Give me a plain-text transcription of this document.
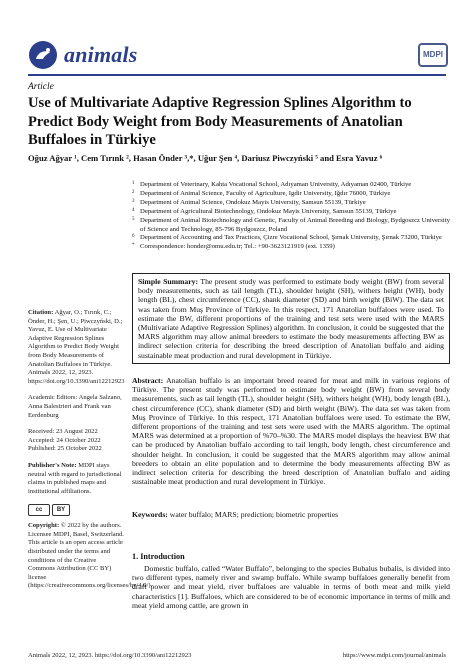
animals	MDPI
Article
Use of Multivariate Adaptive Regression Splines Algorithm to Predict Body Weight from Body Measurements of Anatolian Buffaloes in Türkiye
Oğuz Ağyar ¹, Cem Tırınk ², Hasan Önder ³,*, Uğur Şen ⁴, Dariusz Piwczyński ⁵ and Esra Yavuz ⁶
1 Department of Veterinary, Kahta Vocational School, Adıyaman University, Adıyaman 02400, Türkiye
2 Department of Animal Science, Faculty of Agriculture, Igdir University, Iğdır 76000, Türkiye
3 Department of Animal Science, Ondokuz Mayis University, Samsun 55139, Türkiye
4 Department of Agricultural Biotechnology, Ondokuz Mayis University, Samsun 55139, Türkiye
5 Department of Animal Biotechnology and Genetic, Faculty of Animal Breeding and Biology, Bydgoszcz University of Science and Technology, 85-796 Bydgoszcz, Poland
6 Department of Accounting and Tax Practices, Çizre Vocational School, Şırnak University, Şırnak 73200, Türkiye
* Correspondence: honder@omu.edu.tr; Tel.: +90-3623121919 (ext. 1359)
Citation: Ağyar, O.; Tırınk, C.; Önder, H.; Şen, U.; Piwczyński, D.; Yavuz, E. Use of Multivariate Adaptive Regression Splines Algorithm to Predict Body Weight from Body Measurements of Anatolian Buffaloes in Türkiye. Animals 2022, 12, 2923. https://doi.org/10.3390/ani12212923
Academic Editors: Angela Salzano, Anna Balestrieri and Frank van Eerdenburg
Received: 23 August 2022
Accepted: 24 October 2022
Published: 25 October 2022
Publisher's Note: MDPI stays neutral with regard to jurisdictional claims in published maps and institutional affiliations.
cc	BY
Copyright: © 2022 by the authors. Licensee MDPI, Basel, Switzerland. This article is an open access article distributed under the terms and conditions of the Creative Commons Attribution (CC BY) license (https://creativecommons.org/licenses/by/4.0/).
Simple Summary: The present study was performed to estimate body weight (BW) from several body measurements, such as tail length (TL), shoulder height (SH), withers height (WH), body length (BL), chest circumference (CC), shank diameter (SD) and birth weight (BiW). The data set was taken from Muş Province of Türkiye. In this respect, 171 Anatolian buffaloes were used. To estimate the BW, different proportions of the training and test sets were used with the MARS (Multivariate Adaptive Regression Splines) algorithm. In conclusion, it could be suggested that the MARS algorithm may allow animal breeders to estimate the body measurements affecting BW as indirect selection criteria for describing the breed description of Anatolian buffalo and aiding sustainable meat production and rural development in Türkiye.
Abstract: Anatolian buffalo is an important breed reared for meat and milk in various regions of Türkiye. The present study was performed to estimate body weight (BW) from several body measurements, such as tail length (TL), shoulder height (SH), withers height (WH), body length (BL), chest circumference (CC), shank diameter (SD) and birth weight (BiW). The data set was taken from Muş Province of Türkiye. In this respect, 171 Anatolian buffaloes were used. To estimate the BW, different proportions of the training and test sets were used with the MARS algorithm. The optimal MARS was determined at a proportion of %70–%30. The MARS model displays the heaviest BW that can be produced by Anatolian buffalo according to tail length, body length, chest circumference and shoulder height. In conclusion, it could be suggested that the MARS algorithm may allow animal breeders to obtain an elite population and to determine the body measurements affecting BW as indirect selection criteria for describing the breed description of Anatolian buffalo and aiding sustainable meat production and rural development in Türkiye.
Keywords: water buffalo; MARS; prediction; biometric properties
1. Introduction
Domestic buffalo, called “Water Buffalo”, belonging to the species Bubalus bubalis, is divided into two different types, namely river and swamp buffalo. While swamp buffaloes generally benefit from draft power and meat yield, river buffaloes are valuable in terms of both meat and milk yield characteristics [1]. Buffaloes, which are considered to be of economic importance in terms of milk and meat yield among cattle, are grown in
Animals 2022, 12, 2923. https://doi.org/10.3390/ani12212923	https://www.mdpi.com/journal/animals
